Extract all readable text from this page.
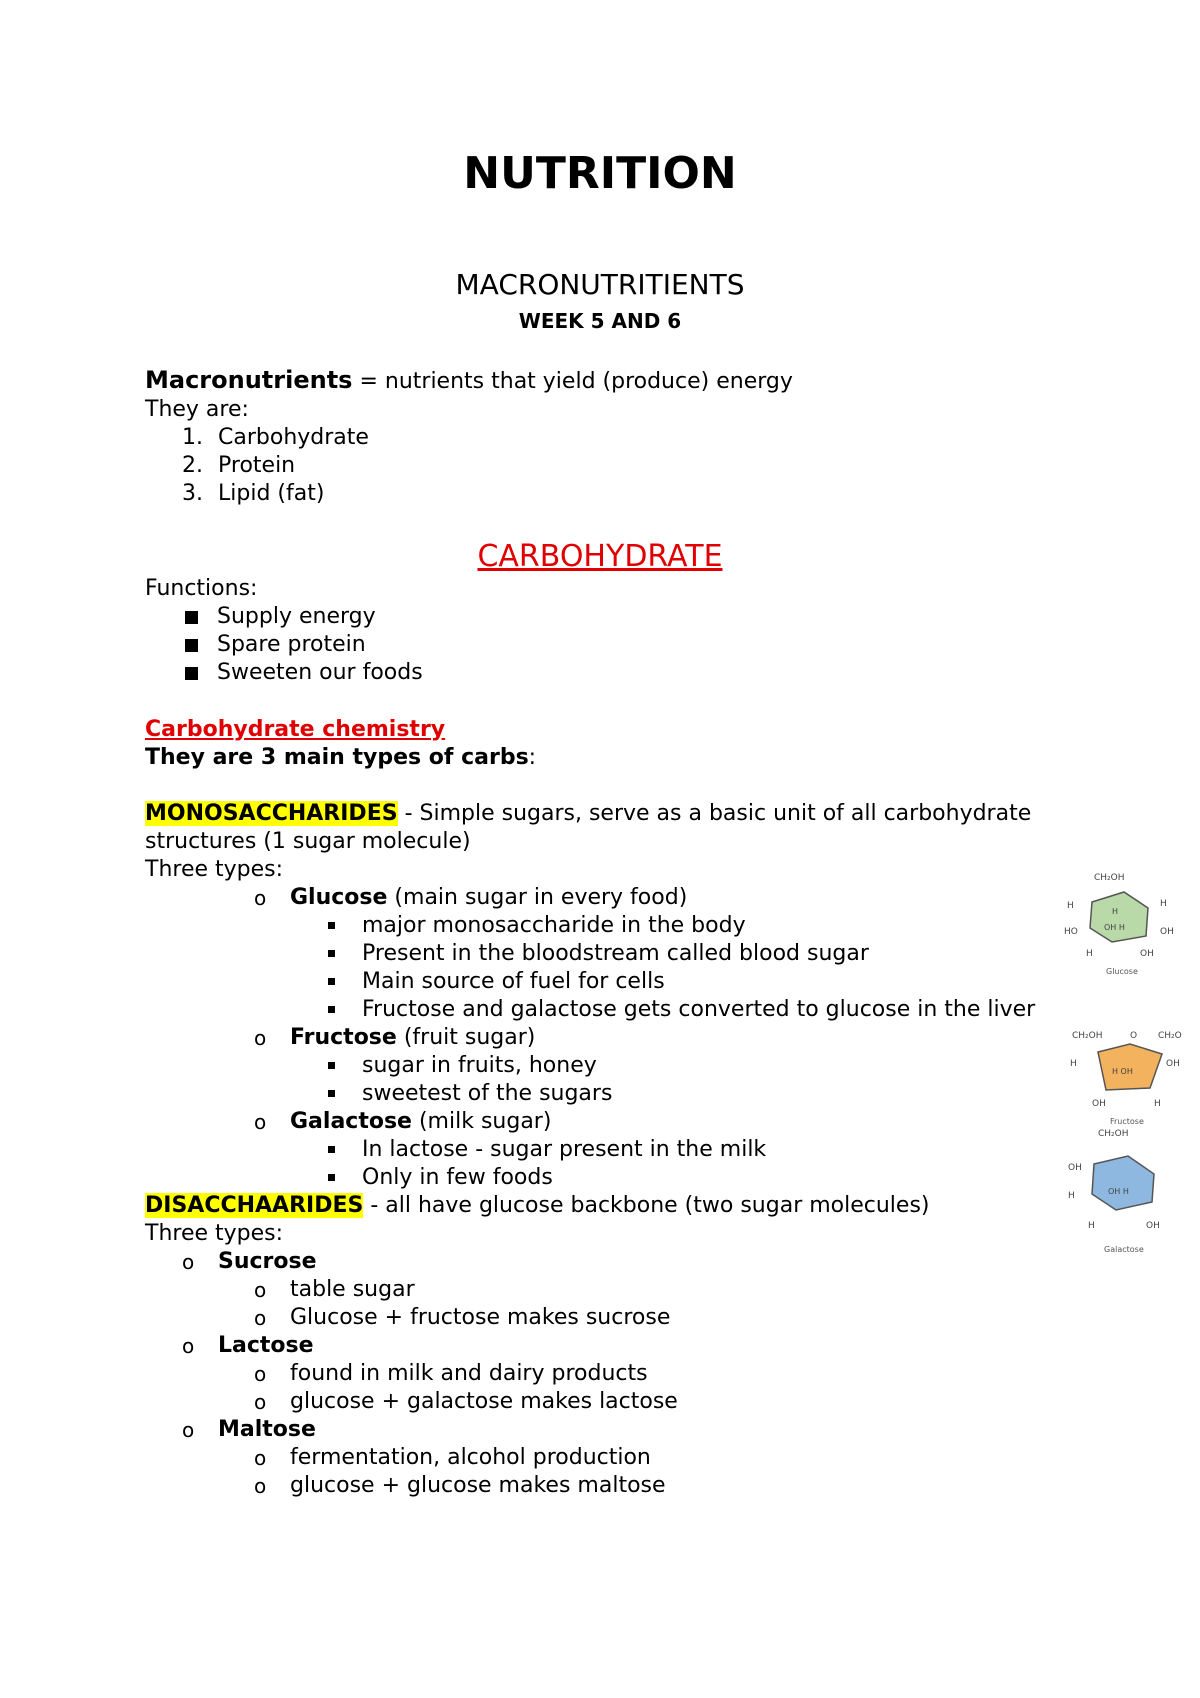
NUTRITION
MACRONUTRITIENTS
WEEK 5 AND 6
Macronutrients = nutrients that yield (produce) energy
They are:
1. Carbohydrate
2. Protein
3. Lipid (fat)
CARBOHYDRATE
Functions:
Supply energy
Spare protein
Sweeten our foods
Carbohydrate chemistry
They are 3 main types of carbs:
MONOSACCHARIDES - Simple sugars, serve as a basic unit of all carbohydrate
structures (1 sugar molecule)
Three types:
o Glucose (main sugar in every food)
major monosaccharide in the body
Present in the bloodstream called blood sugar
Main source of fuel for cells
Fructose and galactose gets converted to glucose in the liver
o Fructose (fruit sugar)
sugar in fruits, honey
sweetest of the sugars
o Galactose (milk sugar)
In lactose - sugar present in the milk
Only in few foods
DISACCHAARIDES - all have glucose backbone (two sugar molecules)
Three types:
o Sucrose
o table sugar
o Glucose + fructose makes sucrose
o Lactose
o found in milk and dairy products
o glucose + galactose makes lactose
o Maltose
o fermentation, alcohol production
o glucose + glucose makes maltose
CH₂OH
H	H
HO	OH
H
OH H
H	OH
Glucose
CH₂OH	O CH₂O
H	OH
H OH
OH	H
Fructose
CH₂OH
OH
H	OH H
H	OH
Galactose
